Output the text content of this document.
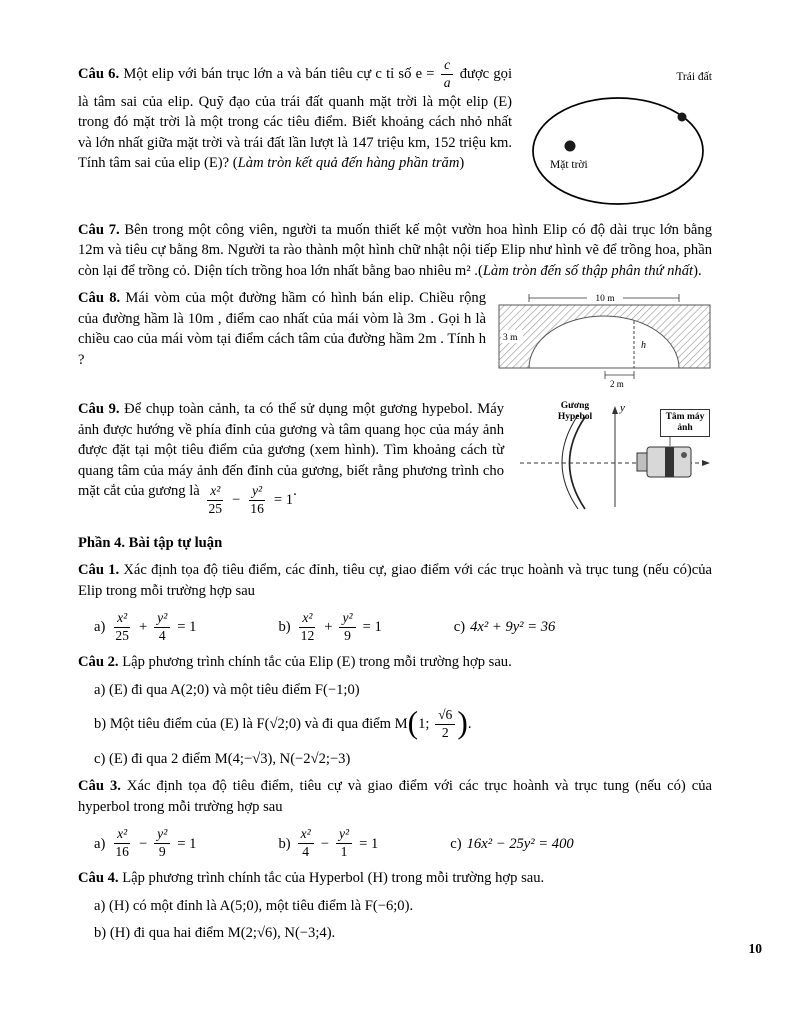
Trái đất
Mặt trời

Câu 6. Một elip với bán trục lớn a và bán tiêu cự c tỉ số $e = \frac{c}{a}$ được gọi là tâm sai của elip. Quỹ đạo của trái đất quanh mặt trời là một elip (E) trong đó mặt trời là một trong các tiêu điểm. Biết khoảng cách nhỏ nhất và lớn nhất giữa mặt trời và trái đất lần lượt là 147 triệu km, 152 triệu km. Tính tâm sai của elip (E)? (Làm tròn kết quả đến hàng phần trăm)

Câu 7. Bên trong một công viên, người ta muốn thiết kế một vườn hoa hình Elip có độ dài trục lớn bằng 12m và tiêu cự bằng 8m. Người ta rào thành một hình chữ nhật nội tiếp Elip như hình vẽ để trồng hoa, phần còn lại để trồng cỏ. Diện tích trồng hoa lớn nhất bằng bao nhiêu m² .(Làm tròn đến số thập phân thứ nhất).

10 m
3 m
h
2 m

Câu 8. Mái vòm của một đường hầm có hình bán elip. Chiều rộng của đường hầm là 10m , điểm cao nhất của mái vòm là 3m . Gọi h là chiều cao của mái vòm tại điểm cách tâm của đường hầm 2m . Tính h ?

Gương Hypebol
y
Tâm máy ảnh

Câu 9. Để chụp toàn cảnh, ta có thể sử dụng một gương hypebol. Máy ảnh được hướng về phía đỉnh của gương và tâm quang học của máy ảnh được đặt tại một tiêu điểm của gương (xem hình). Tìm khoảng cách từ quang tâm của máy ảnh đến đỉnh của gương, biết rằng phương trình cho mặt cắt của gương là $\frac{\text{x²}}{25} - \frac{\text{y²}}{16} = 1$
.

Phần 4. Bài tập tự luận

Câu 1. Xác định tọa độ tiêu điểm, các đỉnh, tiêu cự, giao điểm với các trục hoành và trục tung (nếu có)của Elip trong mỗi trường hợp sau

$a) \frac{\text{x²}}{25} + \frac{\text{y²}}{4} = 1$	$b) \frac{\text{x²}}{12} + \frac{\text{y²}}{9} = 1$	c) 4x² + 9y² = 36

Câu 2. Lập phương trình chính tắc của Elip (E) trong mỗi trường hợp sau.

a) (E) đi qua A(2;0) và một tiêu điểm F(−1;0)

b) Một tiêu điểm của (E) là F(√2;0) và đi qua điểm M(1; $\frac{√6}{2}$ ).

c) (E) đi qua 2 điểm M(4;−√3), N(−2√2;−3)

Câu 3. Xác định tọa độ tiêu điểm, tiêu cự và giao điểm với các trục hoành và trục tung (nếu có) của hyperbol trong mỗi trường hợp sau

$a) \frac{\text{x²}}{16} - \frac{\text{y²}}{9} = 1$	$b) \frac{\text{x²}}{4} - \frac{\text{y²}}{1} = 1$	c) 16x² − 25y² = 400

Câu 4. Lập phương trình chính tắc của Hyperbol (H) trong mỗi trường hợp sau.

a) (H) có một đỉnh là A(5;0), một tiêu điểm là F(−6;0).

b) (H) đi qua hai điểm M(2;√6), N(−3;4).

10
